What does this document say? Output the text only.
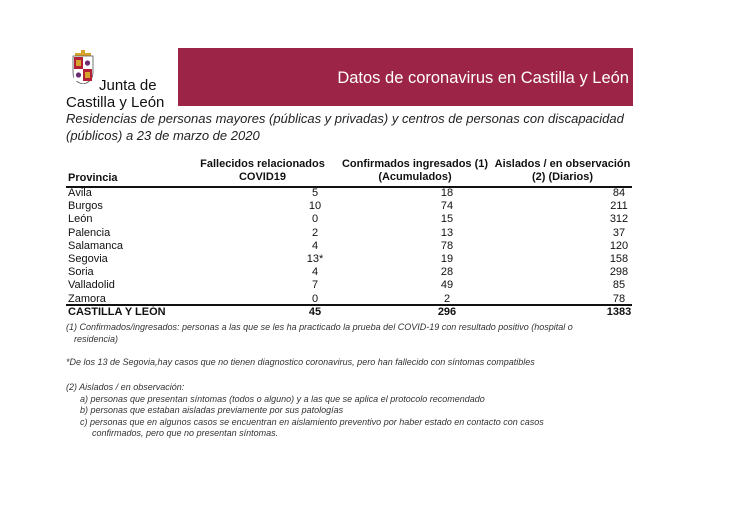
Junta de
Castilla y León
Datos de coronavirus en Castilla y León
Residencias de personas mayores (públicas y privadas) y centros de personas con discapacidad
(públicos) a 23 de marzo de 2020
Provincia
Fallecidos relacionados
COVID19
Confirmados ingresados (1)
(Acumulados)
Aislados / en observación
(2) (Diarios)
Ávila	5	18	84
Burgos	10	74	211
León	0	15	312
Palencia	2	13	37
Salamanca	4	78	120
Segovia	13*	19	158
Soria	4	28	298
Valladolid	7	49	85
Zamora	0	2	78
CASTILLA Y LEÓN	45	296	1383
(1) Confirmados/ingresados: personas a las que se les ha practicado la prueba del COVID-19 con resultado positivo (hospital o
residencia)
*De los 13 de Segovia,hay casos que no tienen diagnostico coronavirus, pero han fallecido con síntomas compatibles
(2) Aislados / en observación:
a) personas que presentan síntomas (todos o alguno) y a las que se aplica el protocolo recomendado
b) personas que estaban aisladas previamente por sus patologías
c) personas que en algunos casos se encuentran en aislamiento preventivo por haber estado en contacto con casos
confirmados, pero que no presentan síntomas.
